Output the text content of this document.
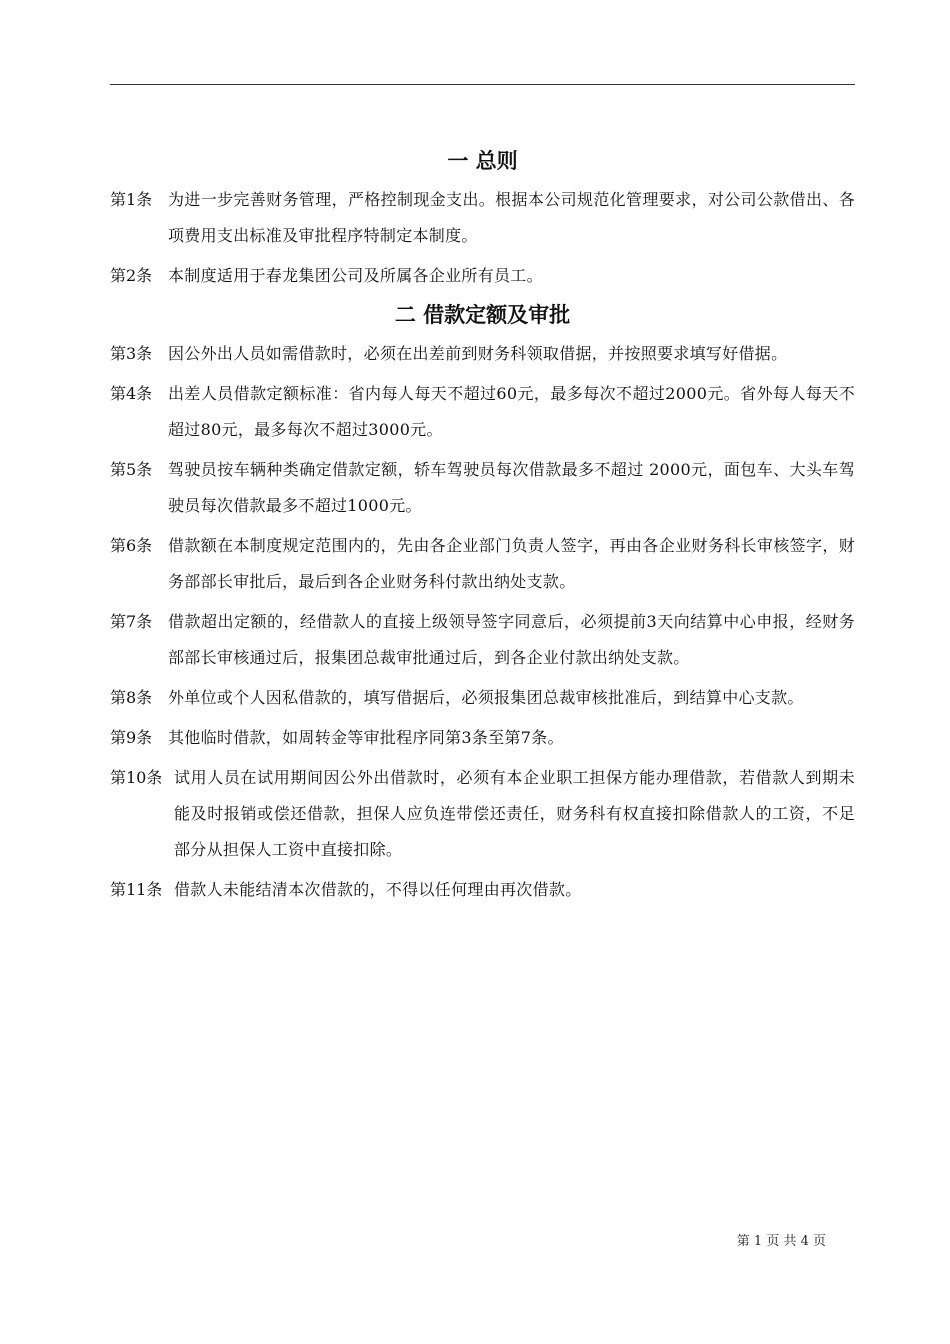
一 总则
第1条 为进一步完善财务管理，严格控制现金支出。根据本公司规范化管理要求，对公司公款借出、各项费用支出标准及审批程序特制定本制度。
第2条 本制度适用于春龙集团公司及所属各企业所有员工。
二 借款定额及审批
第3条 因公外出人员如需借款时，必须在出差前到财务科领取借据，并按照要求填写好借据。
第4条 出差人员借款定额标准：省内每人每天不超过60元，最多每次不超过2000元。省外每人每天不超过80元，最多每次不超过3000元。
第5条 驾驶员按车辆种类确定借款定额，轿车驾驶员每次借款最多不超过 2000元，面包车、大头车驾驶员每次借款最多不超过1000元。
第6条 借款额在本制度规定范围内的，先由各企业部门负责人签字，再由各企业财务科长审核签字，财务部部长审批后，最后到各企业财务科付款出纳处支款。
第7条 借款超出定额的，经借款人的直接上级领导签字同意后，必须提前3天向结算中心申报，经财务部部长审核通过后，报集团总裁审批通过后，到各企业付款出纳处支款。
第8条 外单位或个人因私借款的，填写借据后，必须报集团总裁审核批准后，到结算中心支款。
第9条 其他临时借款，如周转金等审批程序同第3条至第7条。
第10条 试用人员在试用期间因公外出借款时，必须有本企业职工担保方能办理借款，若借款人到期未能及时报销或偿还借款，担保人应负连带偿还责任，财务科有权直接扣除借款人的工资，不足部分从担保人工资中直接扣除。
第11条 借款人未能结清本次借款的，不得以任何理由再次借款。
第 1 页 共 4 页
